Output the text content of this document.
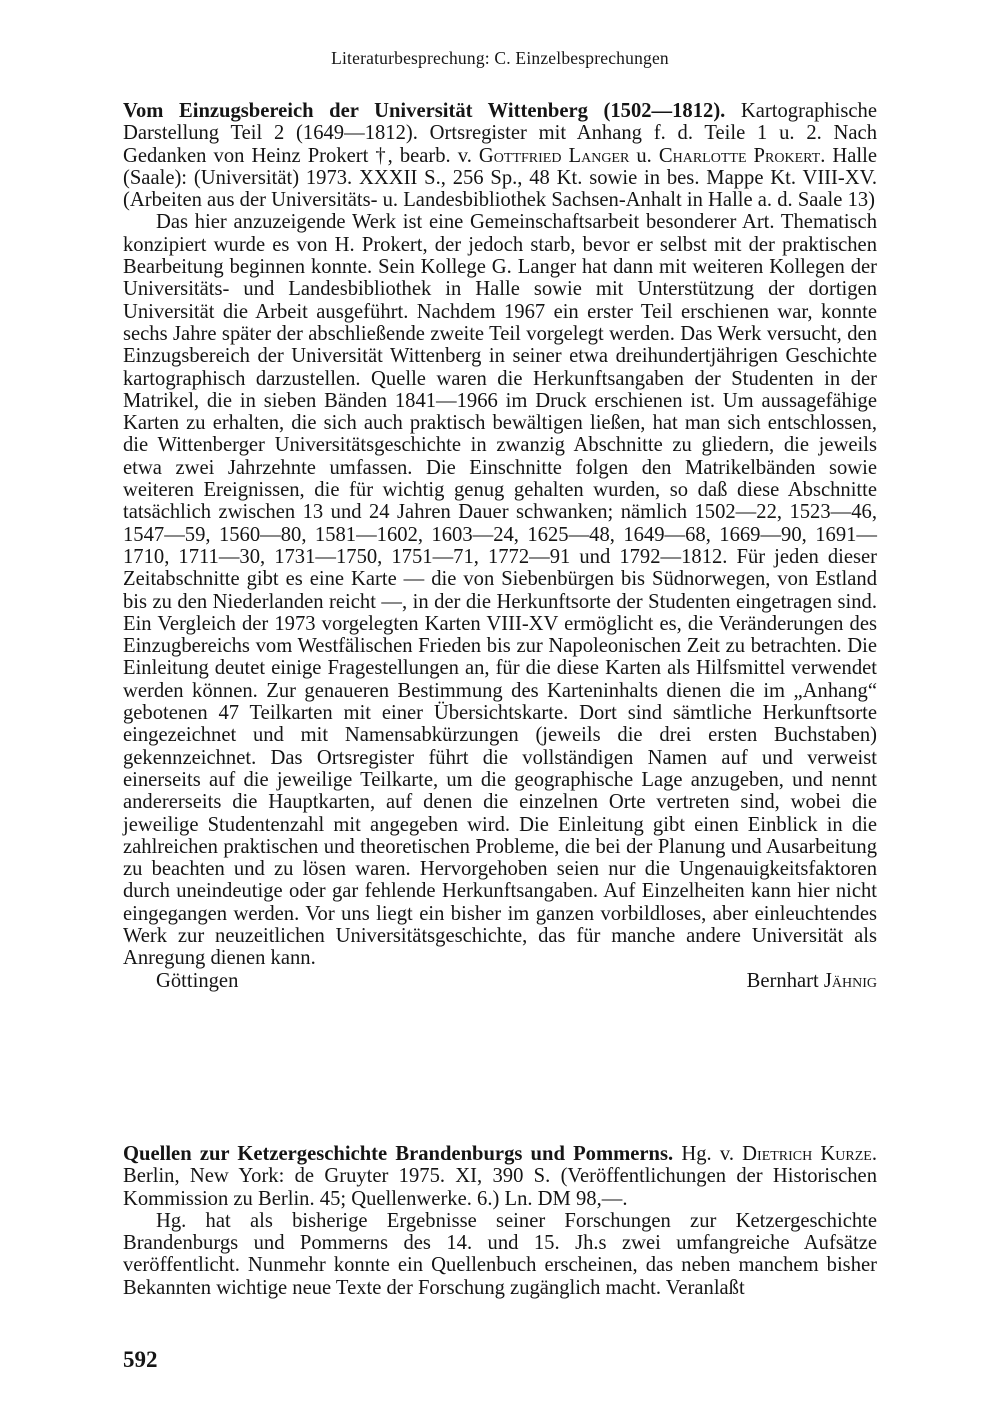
Literaturbesprechung: C. Einzelbesprechungen

Vom Einzugsbereich der Universität Wittenberg (1502—1812). Kartographische Darstellung Teil 2 (1649—1812). Ortsregister mit Anhang f. d. Teile 1 u. 2. Nach Gedanken von Heinz Prokert †, bearb. v. Gottfried Langer u. Charlotte Prokert. Halle (Saale): (Universität) 1973. XXXII S., 256 Sp., 48 Kt. sowie in bes. Mappe Kt. VIII-XV. (Arbeiten aus der Universitäts- u. Landesbibliothek Sachsen-Anhalt in Halle a. d. Saale 13)

Das hier anzuzeigende Werk ist eine Gemeinschaftsarbeit besonderer Art. Thematisch konzipiert wurde es von H. Prokert, der jedoch starb, bevor er selbst mit der praktischen Bearbeitung beginnen konnte. Sein Kollege G. Langer hat dann mit weiteren Kollegen der Universitäts- und Landesbibliothek in Halle sowie mit Unterstützung der dortigen Universität die Arbeit ausgeführt. Nachdem 1967 ein erster Teil erschienen war, konnte sechs Jahre später der abschließende zweite Teil vorgelegt werden. Das Werk versucht, den Einzugsbereich der Universität Wittenberg in seiner etwa dreihundertjährigen Geschichte kartographisch darzustellen. Quelle waren die Herkunftsangaben der Studenten in der Matrikel, die in sieben Bänden 1841—1966 im Druck erschienen ist. Um aussagefähige Karten zu erhalten, die sich auch praktisch bewältigen ließen, hat man sich entschlossen, die Wittenberger Universitätsgeschichte in zwanzig Abschnitte zu gliedern, die jeweils etwa zwei Jahrzehnte umfassen. Die Einschnitte folgen den Matrikelbänden sowie weiteren Ereignissen, die für wichtig genug gehalten wurden, so daß diese Abschnitte tatsächlich zwischen 13 und 24 Jahren Dauer schwanken; nämlich 1502—22, 1523—46, 1547—59, 1560—80, 1581—1602, 1603—24, 1625—48, 1649—68, 1669—90, 1691—1710, 1711—30, 1731—1750, 1751—71, 1772—91 und 1792—1812. Für jeden dieser Zeitabschnitte gibt es eine Karte — die von Siebenbürgen bis Südnorwegen, von Estland bis zu den Niederlanden reicht —, in der die Herkunftsorte der Studenten eingetragen sind. Ein Vergleich der 1973 vorgelegten Karten VIII-XV ermöglicht es, die Veränderungen des Einzugbereichs vom Westfälischen Frieden bis zur Napoleonischen Zeit zu betrachten. Die Einleitung deutet einige Fragestellungen an, für die diese Karten als Hilfsmittel verwendet werden können. Zur genaueren Bestimmung des Karteninhalts dienen die im „Anhang“ gebotenen 47 Teilkarten mit einer Übersichtskarte. Dort sind sämtliche Herkunftsorte eingezeichnet und mit Namensabkürzungen (jeweils die drei ersten Buchstaben) gekennzeichnet. Das Ortsregister führt die vollständigen Namen auf und verweist einerseits auf die jeweilige Teilkarte, um die geographische Lage anzugeben, und nennt andererseits die Hauptkarten, auf denen die einzelnen Orte vertreten sind, wobei die jeweilige Studentenzahl mit angegeben wird. Die Einleitung gibt einen Einblick in die zahlreichen praktischen und theoretischen Probleme, die bei der Planung und Ausarbeitung zu beachten und zu lösen waren. Hervorgehoben seien nur die Ungenauigkeitsfaktoren durch uneindeutige oder gar fehlende Herkunftsangaben. Auf Einzelheiten kann hier nicht eingegangen werden. Vor uns liegt ein bisher im ganzen vorbildloses, aber einleuchtendes Werk zur neuzeitlichen Universitätsgeschichte, das für manche andere Universität als Anregung dienen kann.

Göttingen	Bernhart Jähnig

Quellen zur Ketzergeschichte Brandenburgs und Pommerns. Hg. v. Dietrich Kurze. Berlin, New York: de Gruyter 1975. XI, 390 S. (Veröffentlichungen der Historischen Kommission zu Berlin. 45; Quellenwerke. 6.) Ln. DM 98,—.

Hg. hat als bisherige Ergebnisse seiner Forschungen zur Ketzergeschichte Brandenburgs und Pommerns des 14. und 15. Jh.s zwei umfangreiche Aufsätze veröffentlicht. Nunmehr konnte ein Quellenbuch erscheinen, das neben manchem bisher Bekannten wichtige neue Texte der Forschung zugänglich macht. Veranlaßt

592
